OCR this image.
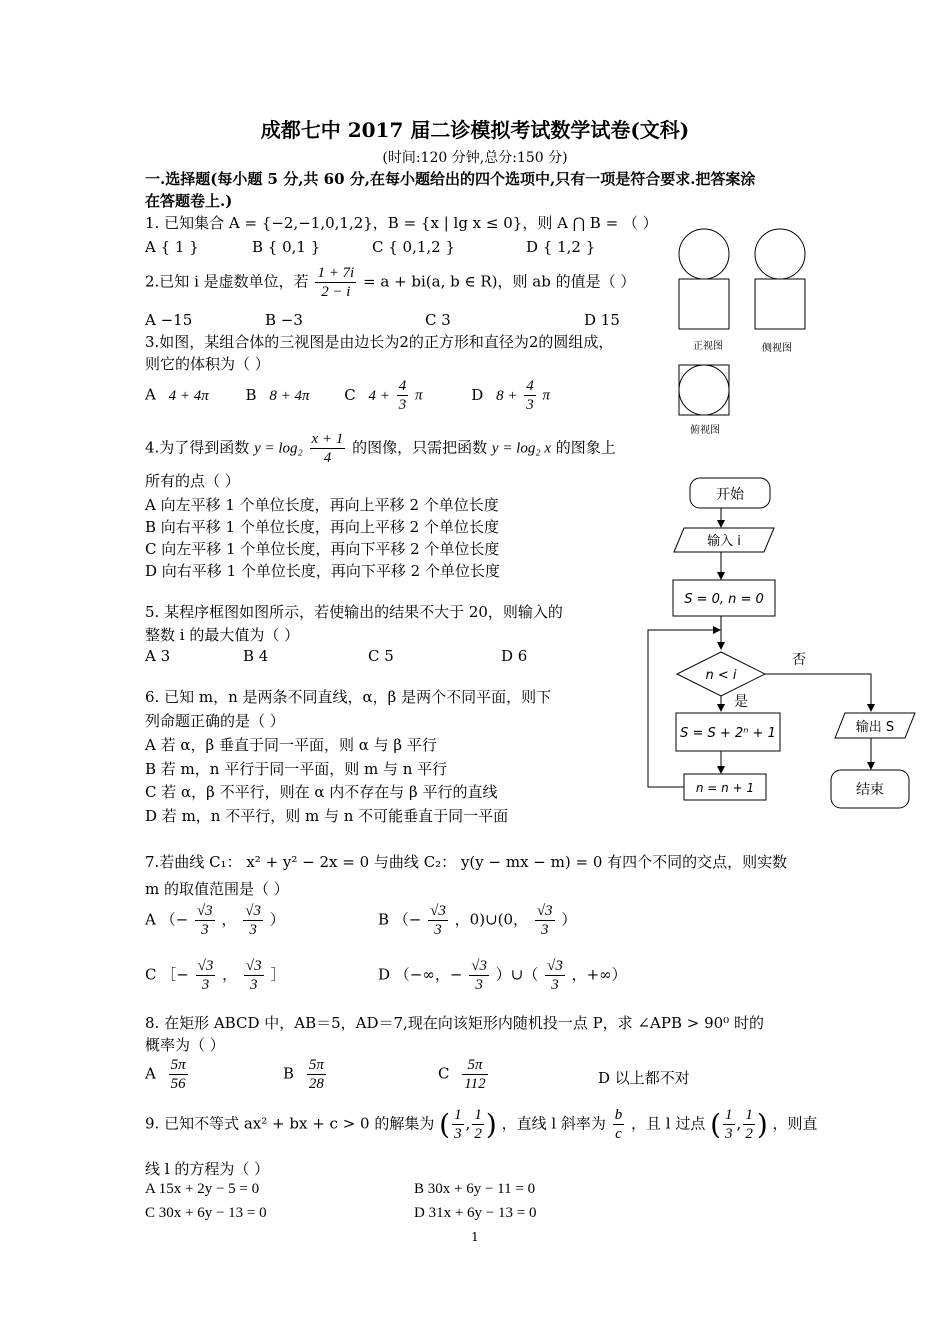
成都七中 2017 届二诊模拟考试数学试卷(文科)
(时间:120 分钟,总分:150 分)
一.选择题(每小题 5 分,共 60 分,在每小题给出的四个选项中,只有一项是符合要求.把答案涂
在答题卷上.)
1. 已知集合 A = {−2,−1,0,1,2}，B = {x | lg x ≤ 0}，则 A ⋂ B = （ ）
A { 1 }	B { 0,1 }	C { 0,1,2 }	D { 1,2 }
2.已知 i 是虚数单位，若 $\frac{1 + 7i}{2 - i} = a + bi(a$, b ∈ R)，则 ab 的值是（ ）
A −15	B −3	C 3	D 15
3.如图，某组合体的三视图是由边长为2的正方形和直径为2的圆组成，
则它的体积为（ ）
A 4 + 4π B 8 + 4π C $4 + \frac{4}{3}$ π	D $8 + \frac{4}{3}$ π
正视图	侧视图
俯视图
4.为了得到函数 $y = \log_2 \frac{x + 1}{4}$ 的图像，只需把函数 y = log₂ x 的图象上
所有的点（ ）
A 向左平移 1 个单位长度，再向上平移 2 个单位长度
B 向右平移 1 个单位长度，再向上平移 2 个单位长度
C 向左平移 1 个单位长度，再向下平移 2 个单位长度
D 向右平移 1 个单位长度，再向下平移 2 个单位长度
5. 某程序框图如图所示，若使输出的结果不大于 20，则输入的
整数 i 的最大值为（ ）
A 3	B 4	C 5	D 6
开始
输入 i
S = 0, n = 0
n < i
否
是
S = S + 2ⁿ + 1
n = n + 1
输出 S
结束
6. 已知 m，n 是两条不同直线，α，β 是两个不同平面，则下
列命题正确的是（ ）
A 若 α，β 垂直于同一平面，则 α 与 β 平行
B 若 m，n 平行于同一平面，则 m 与 n 平行
C 若 α，β 不平行，则在 α 内不存在与 β 平行的直线
D 若 m，n 不平行，则 m 与 n 不可能垂直于同一平面
7.若曲线 C₁： x² + y² − 2x = 0 与曲线 C₂： y(y − mx − m) = 0 有四个不同的交点，则实数
m 的取值范围是（ ）
A （− $\frac{√3}{3}$ ， $\frac{√3}{3}$ ）	B （− $\frac{√3}{3}$ ，0)∪(0， $\frac{√3}{3}$ ）
C ［− $\frac{√3}{3}$ ， $\frac{√3}{3}$ ］	D （−∞，− $\frac{√3}{3}$ ）∪（ $\frac{√3}{3}$ ，+∞）
8. 在矩形 ABCD 中，AB＝5，AD＝7,现在向该矩形内随机投一点 P，求 ∠APB > 90⁰ 时的
概率为（ ）
A $\frac{5\pi}{56}$	B $\frac{5\pi}{28}$	C $\frac{5\pi}{112}$	D 以上都不对
9. 已知不等式 ax² + bx + c > 0 的解集为 ( $\frac{1}{3}$ , $\frac{1}{2}$ ) ，直线 l 斜率为 $\frac{b}{c}$ ，且 l 过点 ( $\frac{1}{3}$ , $\frac{1}{2}$ ) ，则直
线 l 的方程为（ ）
A 15x + 2y − 5 = 0	B 30x + 6y − 11 = 0
C 30x + 6y − 13 = 0	D 31x + 6y − 13 = 0
1
